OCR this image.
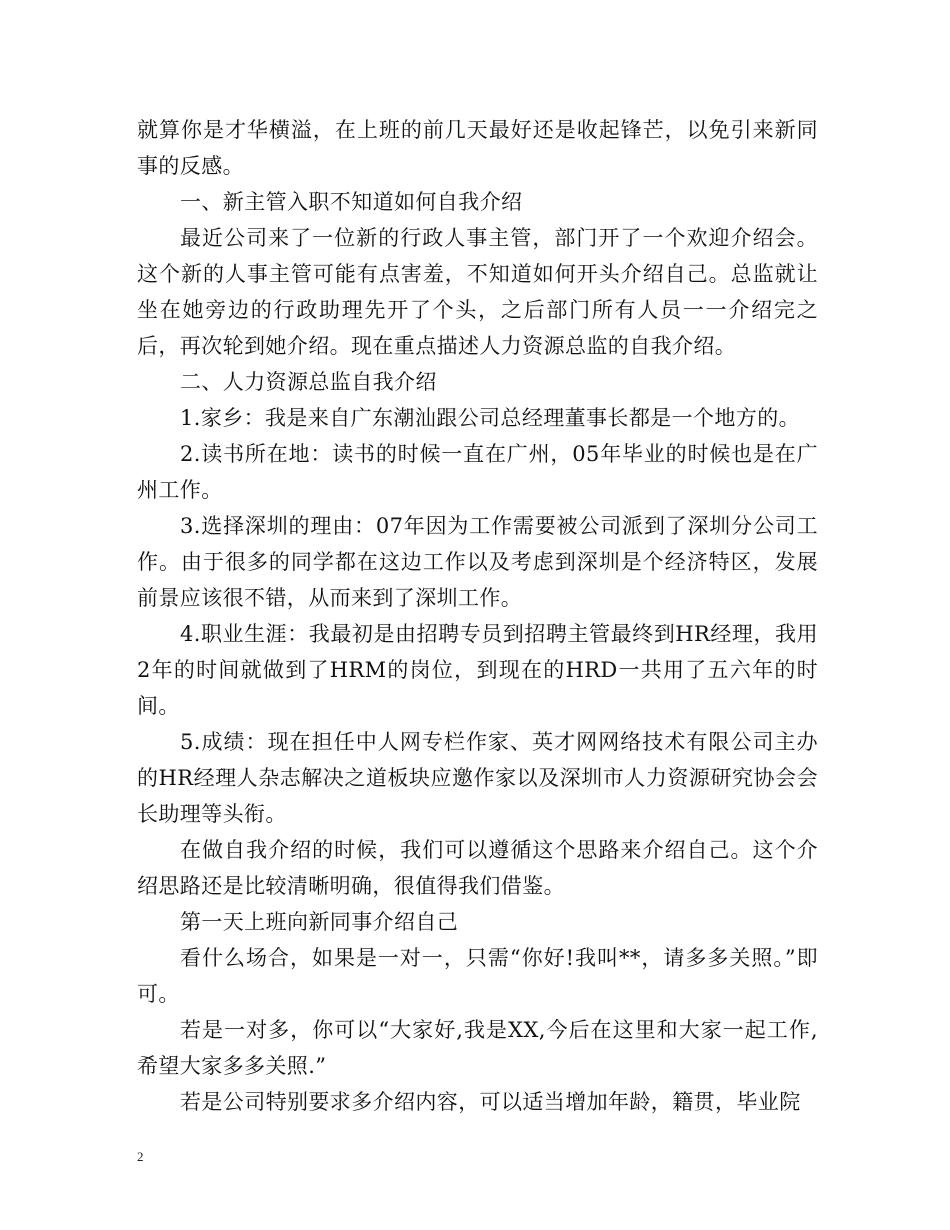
就算你是才华横溢，在上班的前几天最好还是收起锋芒，以免引来新同事的反感。

一、新主管入职不知道如何自我介绍

最近公司来了一位新的行政人事主管，部门开了一个欢迎介绍会。这个新的人事主管可能有点害羞，不知道如何开头介绍自己。总监就让坐在她旁边的行政助理先开了个头，之后部门所有人员一一介绍完之后，再次轮到她介绍。现在重点描述人力资源总监的自我介绍。

二、人力资源总监自我介绍

1.家乡：我是来自广东潮汕跟公司总经理董事长都是一个地方的。

2.读书所在地：读书的时候一直在广州，05年毕业的时候也是在广州工作。

3.选择深圳的理由：07年因为工作需要被公司派到了深圳分公司工作。由于很多的同学都在这边工作以及考虑到深圳是个经济特区，发展前景应该很不错，从而来到了深圳工作。

4.职业生涯：我最初是由招聘专员到招聘主管最终到HR经理，我用2年的时间就做到了HRM的岗位，到现在的HRD一共用了五六年的时间。

5.成绩：现在担任中人网专栏作家、英才网网络技术有限公司主办的HR经理人杂志解决之道板块应邀作家以及深圳市人力资源研究协会会长助理等头衔。

在做自我介绍的时候，我们可以遵循这个思路来介绍自己。这个介绍思路还是比较清晰明确，很值得我们借鉴。

第一天上班向新同事介绍自己

看什么场合，如果是一对一，只需“你好!我叫**，请多多关照。”即可。

若是一对多，你可以“大家好,我是XX,今后在这里和大家一起工作,希望大家多多关照.”

若是公司特别要求多介绍内容，可以适当增加年龄，籍贯，毕业院

2
